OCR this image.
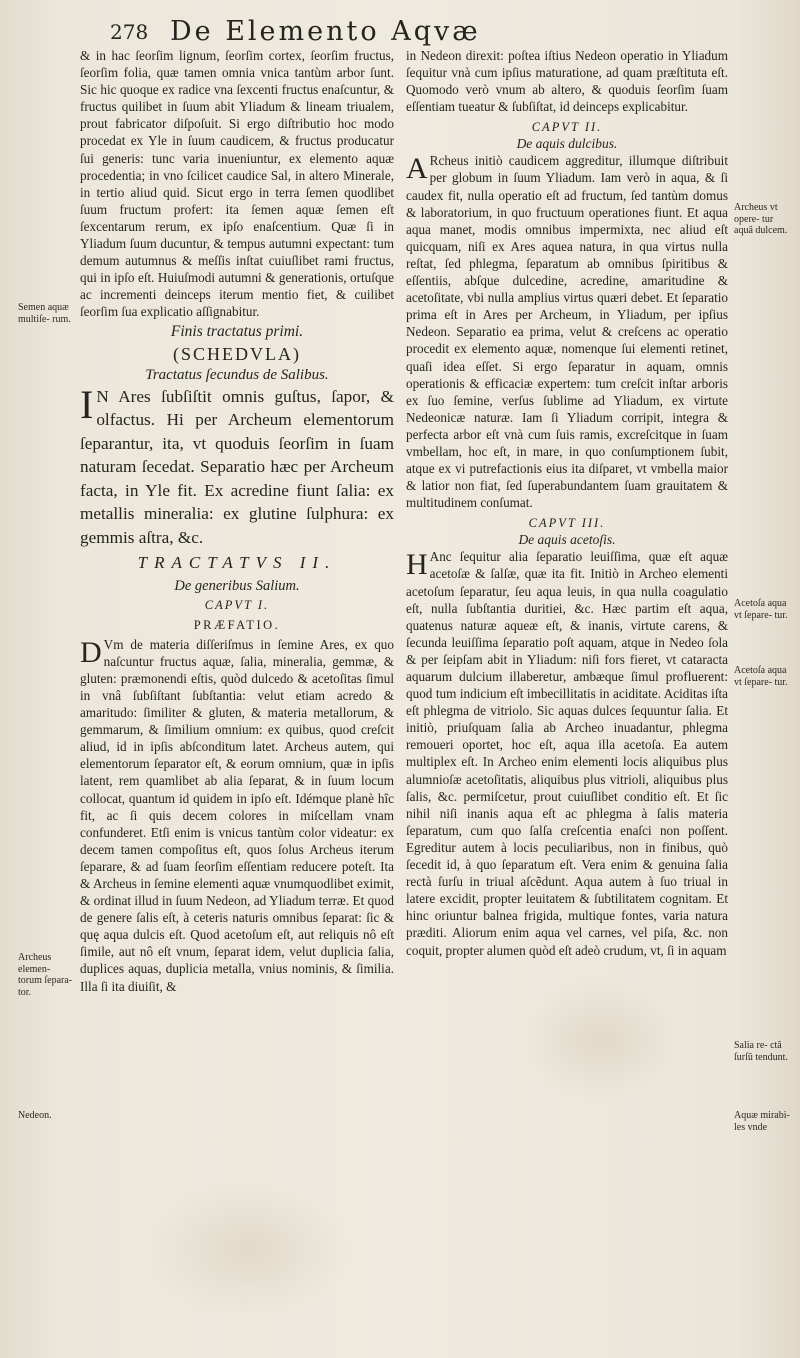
278 De Elemento Aqvæ

& in hac ſeorſim lignum, ſeorſim cortex, ſeorſim fructus, ſeorſim folia, quæ tamen omnia vnica tantùm arbor ſunt. Sic hic quoque ex radice vna ſexcenti fructus enaſcuntur, & fructus quilibet in ſuum abit Yliadum & lineam triualem, prout fabricator diſpoſuit. Si ergo diſtributio hoc modo procedat ex Yle in ſuum caudicem, & fructus producatur ſui generis: tunc varia inueniuntur, ex elemento aquæ procedentia; in vno ſcilicet caudice Sal, in altero Minerale, in tertio aliud quid. Sicut ergo in terra ſemen quodlibet ſuum fructum profert: ita ſemen aquæ ſemen eſt ſexcentarum rerum, ex ipſo enaſcentium. Quæ ſi in Yliadum ſuum ducuntur, & tempus autumni expectant: tum demum autumnus & meſſis inſtat cuiuſlibet rami fructus, qui in ipſo eſt. Huiuſmodi autumni & generationis, ortuſque ac incrementi deinceps iterum mentio fiet, & cuilibet ſeorſim ſua explicatio aſſignabitur.

Finis tractatus primi.

(SCHEDVLA)

Tractatus ſecundus de Salibus.

I N Ares ſubſiſtit omnis guſtus, ſapor, & olfactus. Hi per Archeum elementorum ſeparantur, ita, vt quoduis ſeorſim in ſuam naturam ſecedat. Separatio hæc per Archeum facta, in Yle fit. Ex acredine fiunt ſalia: ex metallis mineralia: ex glutine ſulphura: ex gemmis aſtra, &c.

TRACTATVS II.

De generibus Salium.

CAPVT I.

PRÆFATIO.

D Vm de materia diſſeriſmus in ſemine Ares, ex quo naſcuntur fructus aquæ, ſalia, mineralia, gemmæ, & gluten: præmonendi eſtis, quòd dulcedo & acetoſitas ſimul in vnâ ſubſiſtant ſubſtantia: velut etiam acredo & amaritudo: ſimiliter & gluten, & materia metallorum, & gemmarum, & ſimilium omnium: ex quibus, quod creſcit aliud, id in ipſis abſconditum latet. Archeus autem, qui elementorum ſeparator eſt, & eorum omnium, quæ in ipſis latent, rem quamlibet ab alia ſeparat, & in ſuum locum collocat, quantum id quidem in ipſo eſt. Idémque planè hîc fit, ac ſi quis decem colores in miſcellam vnam confunderet. Etſi enim is vnicus tantùm color videatur: ex decem tamen compoſitus eſt, quos ſolus Archeus iterum ſeparare, & ad ſuam ſeorſim eſſentiam reducere poteſt. Ita & Archeus in ſemine elementi aquæ vnumquodlibet eximit, & ordinat illud in ſuum Nedeon, ad Yliadum terræ. Et quod de genere ſalis eſt, à ceteris naturis omnibus ſeparat: ſic & quę aqua dulcis eſt. Quod acetoſum eſt, aut reliquis nô eſt ſimile, aut nô eſt vnum, ſeparat idem, velut duplicia ſalia, duplices aquas, duplicia metalla, vnius nominis, & ſimilia. Illa ſi ita diuiſit, &

in Nedeon direxit: poſtea iſtius Nedeon operatio in Yliadum ſequitur vnà cum ipſius maturatione, ad quam præſtituta eſt. Quomodo verò vnum ab altero, & quoduis ſeorſim ſuam eſſentiam tueatur & ſubſiſtat, id deinceps explicabitur.

CAPVT II.

De aquis dulcibus.

A Rcheus initiò caudicem aggreditur, illumque diſtribuit per globum in ſuum Yliadum. Iam verò in aqua, & ſi caudex fit, nulla operatio eſt ad fructum, ſed tantùm domus & laboratorium, in quo fructuum operationes fiunt. Et aqua aqua manet, modis omnibus impermixta, nec aliud eſt quicquam, niſi ex Ares aquea natura, in qua virtus nulla reſtat, ſed phlegma, ſeparatum ab omnibus ſpiritibus & eſſentiis, abſque dulcedine, acredine, amaritudine & acetoſitate, vbi nulla amplius virtus quæri debet. Et ſeparatio prima eſt in Ares per Archeum, in Yliadum, per ipſius Nedeon. Separatio ea prima, velut & creſcens ac operatio procedit ex elemento aquæ, nomenque ſui elementi retinet, quaſi idea eſſet. Si ergo ſeparatur in aquam, omnis operationis & efficaciæ expertem: tum creſcit inſtar arboris ex ſuo ſemine, verſus ſublime ad Yliadum, ex virtute Nedeonicæ naturæ. Iam ſi Yliadum corripit, integra & perfecta arbor eſt vnà cum ſuis ramis, excreſcitque in ſuam vmbellam, hoc eſt, in mare, in quo conſumptionem ſubit, atque ex vi putrefactionis eius ita diſparet, vt vmbella maior & latior non fiat, ſed ſuperabundantem ſuam grauitatem & multitudinem conſumat.

CAPVT III.

De aquis acetoſis.

H Anc ſequitur alia ſeparatio leuiſſima, quæ eſt aquæ acetoſæ & ſalſæ, quæ ita fit. Initiò in Archeo elementi acetoſum ſeparatur, ſeu aqua leuis, in qua nulla coagulatio eſt, nulla ſubſtantia duritiei, &c. Hæc partim eſt aqua, quatenus naturæ aqueæ eſt, & inanis, virtute carens, & ſecunda leuiſſima ſeparatio poſt aquam, atque in Nedeo ſola & per ſeipſam abit in Yliadum: niſi fors fieret, vt cataracta aquarum dulcium illaberetur, ambæque ſimul profluerent: quod tum indicium eſt imbecillitatis in aciditate. Aciditas iſta eſt phlegma de vitriolo. Sic aquas dulces ſequuntur ſalia. Et initiò, priuſquam ſalia ab Archeo inuadantur, phlegma remoueri oportet, hoc eſt, aqua illa acetoſa. Ea autem multiplex eſt. In Archeo enim elementi locis aliquibus plus alumnioſæ acetoſitatis, aliquibus plus vitrioli, aliquibus plus ſalis, &c. permiſcetur, prout cuiuſlibet conditio eſt. Et ſic nihil niſi inanis aqua eſt ac phlegma à ſalis materia ſeparatum, cum quo ſalſa creſcentia enaſci non poſſent. Egreditur autem à locis peculiaribus, non in finibus, quò ſecedit id, à quo ſeparatum eſt. Vera enim & genuina ſalia rectà ſurſu in triual aſcẽdunt. Aqua autem à ſuo triual in latere excidit, propter leuitatem & ſubtilitatem cognitam. Et hinc oriuntur balnea frigida, multique fontes, varia natura præditi. Aliorum enim aqua vel carnes, vel piſa, &c. non coquit, propter alumen quòd eſt adeò crudum, vt, ſi in aquam

Semen aquæ multiſe- rum.
Archeus elemen- torum ſepara- tor.
Nedeon.
Archeus vt opere- tur aquâ dulcem.
Acetoſa aqua vt ſepare- tur.
Acetoſa aqua vt ſepare- tur.
Salia re- ctâ ſurſû tendunt.
Aquæ mirabi- les vnde
